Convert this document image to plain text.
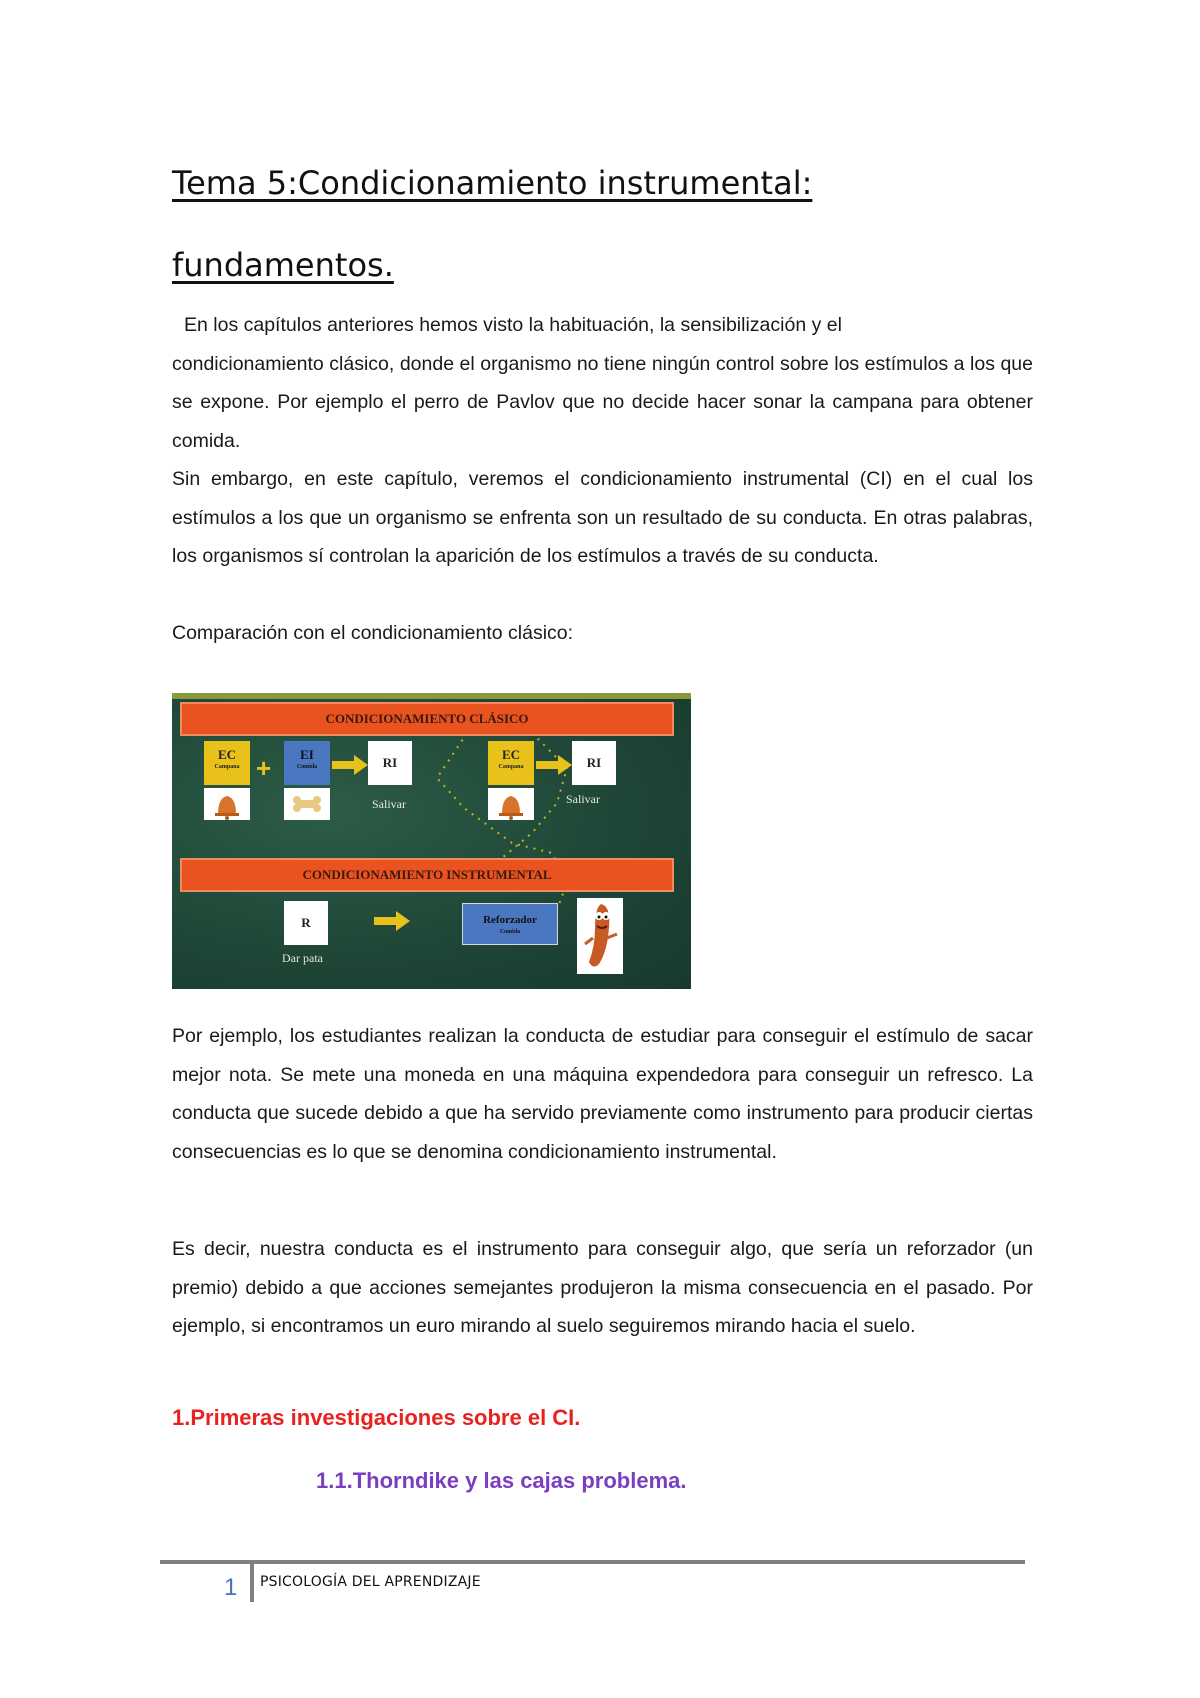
Tema 5:Condicionamiento instrumental:
fundamentos.

En los capítulos anteriores hemos visto la habituación, la sensibilización y el
condicionamiento clásico, donde el organismo no tiene ningún control sobre los estímulos a los que se expone. Por ejemplo el perro de Pavlov que no decide hacer sonar la campana para obtener comida.

Sin embargo, en este capítulo, veremos el condicionamiento instrumental (CI) en el cual los estímulos a los que un organismo se enfrenta son un resultado de su conducta. En otras palabras, los organismos sí controlan la aparición de los estímulos a través de su conducta.

Comparación con el condicionamiento clásico:

CONDICIONAMIENTO CLÁSICO
EC
Campana +	EI
Comida	RI
Salivar
EC
Campana	RI
Salivar
CONDICIONAMIENTO INSTRUMENTAL
R
Dar pata
Reforzador
Comida

Por ejemplo, los estudiantes realizan la conducta de estudiar para conseguir el estímulo de sacar mejor nota. Se mete una moneda en una máquina expendedora para conseguir un refresco. La conducta que sucede debido a que ha servido previamente como instrumento para producir ciertas consecuencias es lo que se denomina condicionamiento instrumental.

Es decir, nuestra conducta es el instrumento para conseguir algo, que sería un reforzador (un premio) debido a que acciones semejantes produjeron la misma consecuencia en el pasado. Por ejemplo, si encontramos un euro mirando al suelo seguiremos mirando hacia el suelo.

1.Primeras investigaciones sobre el CI.
1.1.Thorndike y las cajas problema.
1 PSICOLOGÍA DEL APRENDIZAJE
